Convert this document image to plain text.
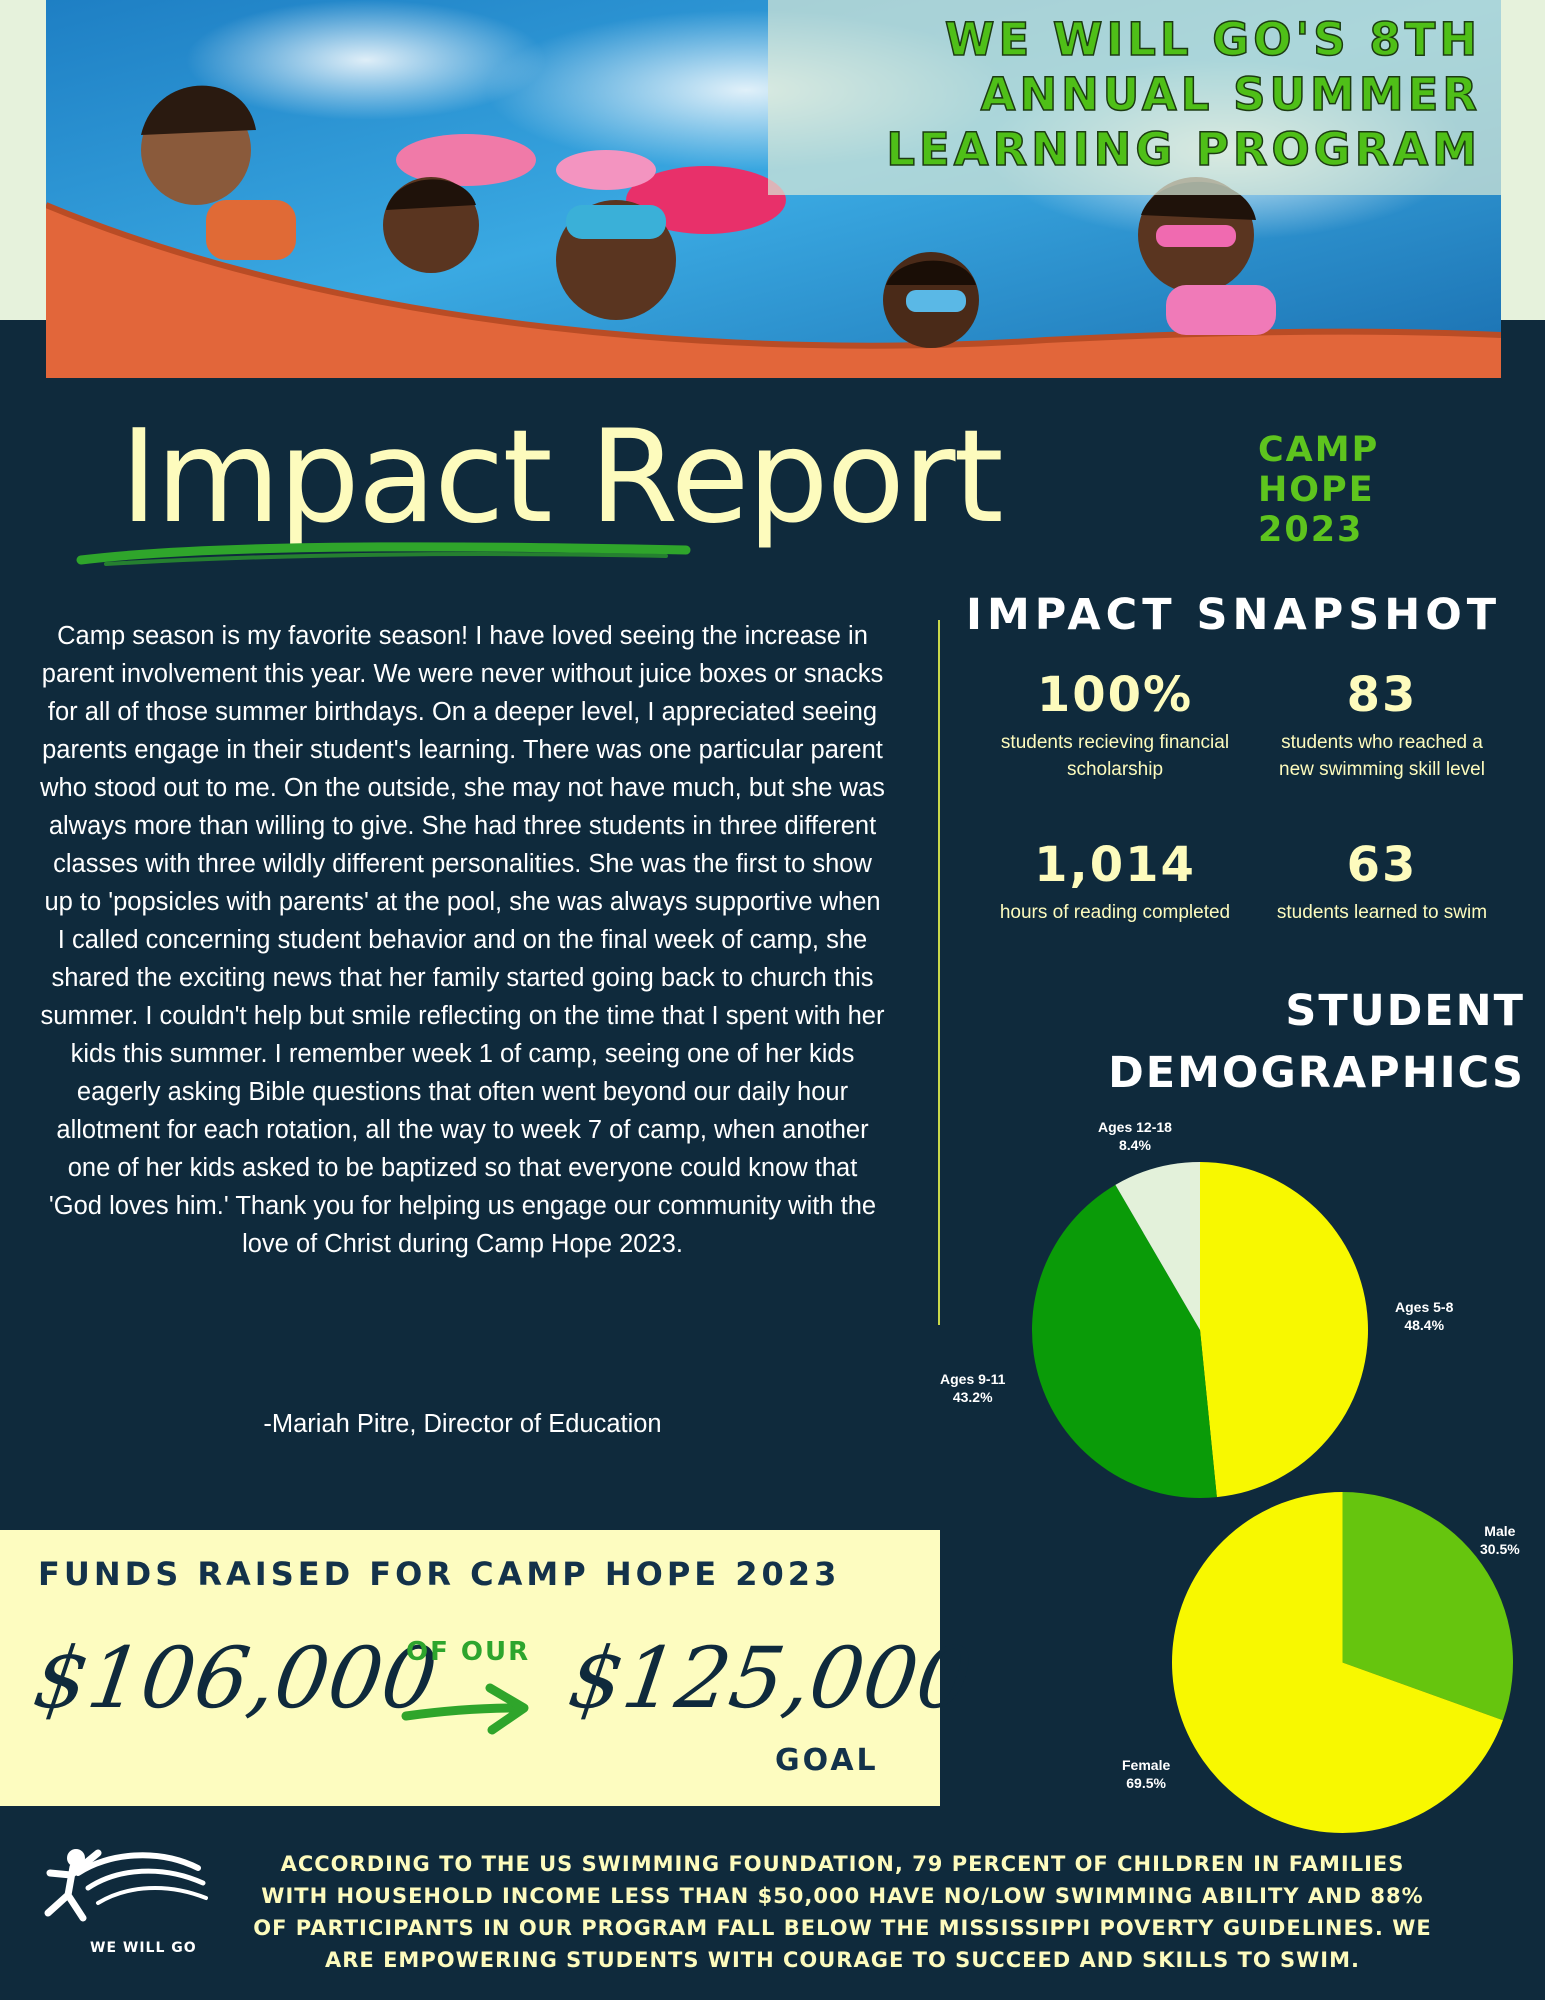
WE WILL GO'S 8TH ANNUAL SUMMER LEARNING PROGRAM
Impact Report	CAMP
HOPE
2023
Camp season is my favorite season! I have loved seeing the increase in parent involvement this year. We were never without juice boxes or snacks for all of those summer birthdays. On a deeper level, I appreciated seeing parents engage in their student's learning. There was one particular parent who stood out to me. On the outside, she may not have much, but she was always more than willing to give. She had three students in three different classes with three wildly different personalities. She was the first to show up to 'popsicles with parents' at the pool, she was always supportive when I called concerning student behavior and on the final week of camp, she shared the exciting news that her family started going back to church this summer. I couldn't help but smile reflecting on the time that I spent with her kids this summer. I remember week 1 of camp, seeing one of her kids eagerly asking Bible questions that often went beyond our daily hour allotment for each rotation, all the way to week 7 of camp, when another one of her kids asked to be baptized so that everyone could know that 'God loves him.' Thank you for helping us engage our community with the love of Christ during Camp Hope 2023.
-Mariah Pitre, Director of Education
IMPACT SNAPSHOT
100%
students recieving financial scholarship
83
students who reached a new swimming skill level
1,014
hours of reading completed
63
students learned to swim
STUDENT
DEMOGRAPHICS
Ages 12-18
8.4%
Ages 5-8
48.4%
Ages 9-11
43.2%
Male
30.5%
Female
69.5%
FUNDS RAISED FOR CAMP HOPE 2023
$106,000
OF OUR $125,000
GOAL
WE WILL GO
ACCORDING TO THE US SWIMMING FOUNDATION, 79 PERCENT OF CHILDREN IN FAMILIES WITH HOUSEHOLD INCOME LESS THAN $50,000 HAVE NO/LOW SWIMMING ABILITY AND 88% OF PARTICIPANTS IN OUR PROGRAM FALL BELOW THE MISSISSIPPI POVERTY GUIDELINES. WE ARE EMPOWERING STUDENTS WITH COURAGE TO SUCCEED AND SKILLS TO SWIM.
